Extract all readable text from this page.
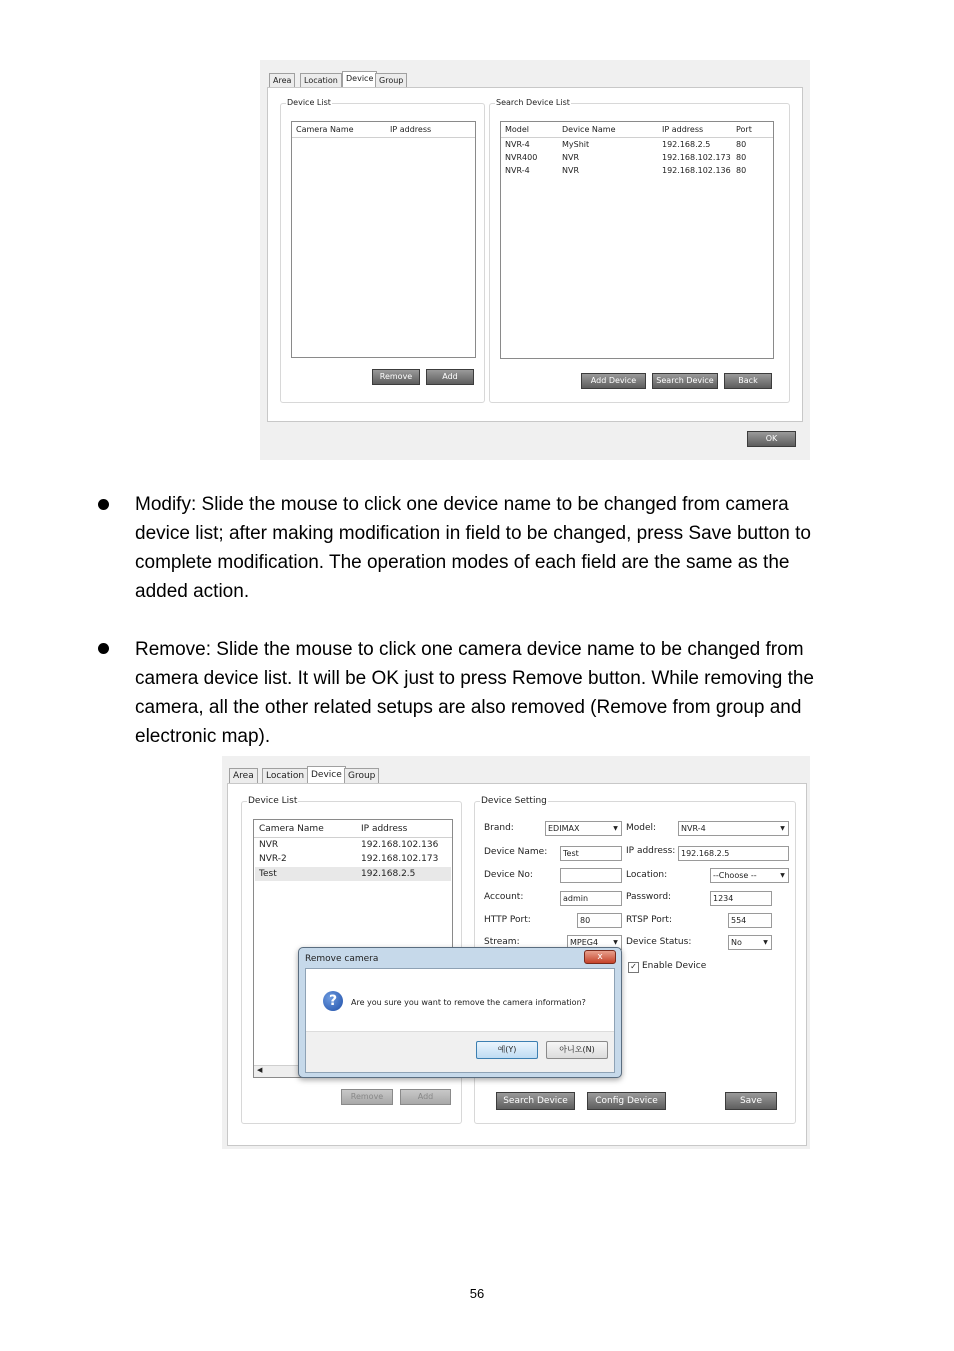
Area	Location	Device Group
Device List
Camera Name	IP address
Remove	Add
Search Device List
Model	Device Name	IP address	Port
NVR-4	MyShit	192.168.2.5	80
NVR400	NVR	192.168.102.173 80
NVR-4	NVR	192.168.102.136 80
Add Device	Search Device	Back
OK
Modify: Slide the mouse to click one device name to be changed from camera
device list; after making modification in field to be changed, press Save button to
complete modification. The operation modes of each field are the same as the
added action.
Remove: Slide the mouse to click one camera device name to be changed from
camera device list. It will be OK just to press Remove button. While removing the
camera, all the other related setups are also removed (Remove from group and
electronic map).
Area	Location Device Group
Device List
Camera Name	IP address
NVR	192.168.102.136
NVR-2	192.168.102.173
Test	192.168.2.5
◀
Remove	Add
Device Setting
Brand:	EDIMAX	▼ Model:	NVR-4	▼
Device Name:	Test	IP address: 192.168.2.5
Device No:	Location:	--Choose --	▼
Account:	admin	Password:	1234
HTTP Port:	80	RTSP Port:	554
Stream:	MPEG4	▼ Device Status:	No	▼
✓ Enable Device
Search Device	Config Device	Save
Remove camera	x
?	Are you sure you want to remove the camera information?
예(Y)	아니오(N)
56
